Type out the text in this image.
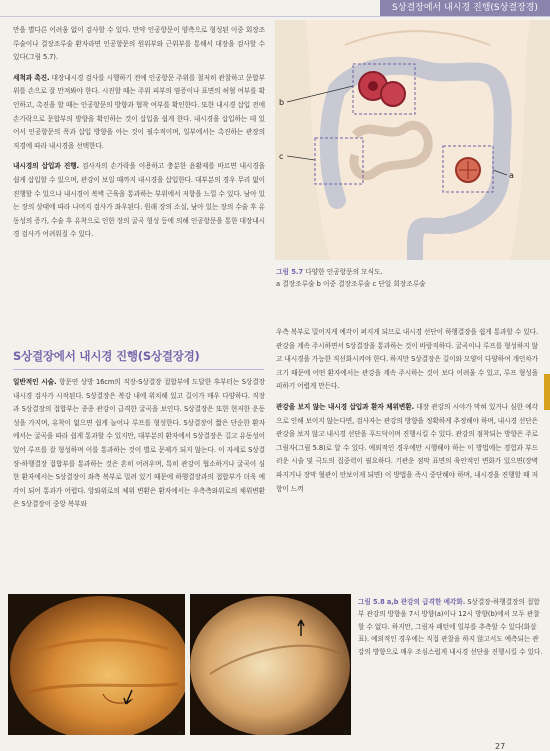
S상결장에서 내시경 진행(S상결장경)

만을 별다른 어려움 없이 검사할 수 있다. 만약 인공항문이 양측으로 형성된 이중 회장조루술이나 결장조루술 환자라면 인공항문의 원위부와 근위부를 통해서 대장을 검사할 수 있다(그림 5.7).

세척과 촉진. 대장내시경 검사를 시행하기 전에 인공항문 주위를 철저히 관찰하고 문합부위를 손으로 잘 만져봐야 한다. 시진할 때는 주위 피부의 염증이나 표면의 허혈 여부를 확인하고, 촉진을 할 때는 인공항문의 방향과 협착 여부를 확인한다. 또한 내시경 삽입 전에 손가락으로 문합부의 방향을 확인하는 것이 삽입을 쉽게 한다. 내시경을 삽입하는 데 있어서 인공항문의 폭과 삽입 방향을 아는 것이 필수적이며, 일부에서는 촉진하는 관장의 직경에 따라 내시경을 선택한다.

내시경의 삽입과 진행. 검사자의 손가락을 이용하고 충분한 윤활제를 바르면 내시경을 쉽게 삽입할 수 있으며, 관강이 보일 때까지 내시경을 삽입한다. 대부분의 경우 무리 없이 진행할 수 있으나 내시경이 복벽 근육을 통과하는 부위에서 저항을 느낄 수 있다. 남아 있는 장의 상태에 따라 나머지 검사가 좌우된다. 원래 장의 소실, 남아 있는 장의 수술 후 유동성의 증가, 수술 후 유착으로 인한 장의 굴곡 형성 등에 의해 인공항문을 통한 대장내시경 검사가 어려워질 수 있다.

S상결장에서 내시경 진행(S상결장경)

일반적인 시술. 항문연 상방 16cm의 직장-S상결장 접합부에 도달한 후부터는 S상결장 내시경 검사가 시작된다. S상결장은 복강 내에 위치해 있고 길이가 매우 다양하다. 직장과 S상결장의 접합부는 종종 관강이 급격한 굴곡을 보인다. S상결장은 또한 현저한 운동성을 가지며, 유착이 없으면 쉽게 늘어나 루프를 형성한다. S상결장이 짧은 단순한 환자에서는 굴곡을 따라 쉽게 통과할 수 있지만, 대부분의 환자에서 S상결장은 길고 유동성이 있어 루프를 잘 형성하며 이를 통과하는 것이 별로 문제가 되지 않는다. 이 자세로 S상결장-하행결장 접합부를 통과하는 것은 흔히 어려우며, 특히 관강이 협소하거나 굴곡이 심한 환자에서는 S상결장이 좌측 복부로 밀려 있기 때문에 하행결장과의 접합부가 더욱 예각이 되어 통과가 어렵다. 앙와위로의 체위 변환은 환자에서는 우측측와위로의 체위변환은 S상결장이 중앙 복부와

b
c
a
그림 5.7 다양한 인공항문의 모식도.
a 결장조루술 b 이중 결장조루술 c 단일 회장조루술

우측 복부로 밀어지게 예각이 펴지게 되므로 내시경 선단이 하행결장을 쉽게 통과할 수 있다. 관강을 계속 주시하면서 S상결장을 통과하는 것이 바람직하다. 굴곡이나 루프를 형성하지 않고 내시경을 가능한 직선화시켜야 한다. 하지만 S상결장은 길이와 모양이 다양하여 개인차가 크기 때문에 어떤 환자에서는 관강을 계속 주시하는 것이 보다 어려울 수 있고, 루프 형성을 피하기 어렵게 만든다.

관강을 보지 않는 내시경 삽입과 환자 체위변환. 대장 관강의 시야가 막혀 있거나 심한 예각으로 인해 보이지 않는다면, 검사자는 관강의 방향을 정확하게 추정해야 하며, 내시경 선단은 관강을 보지 않고 내시경 선단을 푸드덕이며 진행시킬 수 있다. 관강의 점착되는 방향은 주로 그림자(그림 5.8)로 알 수 있다. 예외적인 경우에만 시행해야 하는 이 방법에는 경험과 부드러운 시술 및 극도의 집중력이 필요하다. 기관운 점막 표면의 육안적인 변화가 있으면(장벽파지거나 장막 혈관이 안보이게 되면) 이 방법을 즉시 중단해야 하며, 내시경을 진행할 때 저항이 느껴

a	b
그림 5.8 a,b 관강의 급격한 예각화. S상결장-하행결장의 접합부 관강의 방향을 7시 방향(a)이나 12시 방향(b)에서 모두 관찰할 수 없다. 하지만, 그림자 패턴에 일부를 추측할 수 있다(화살표). 예외적인 경우에는 직접 관찰을 하지 않고서도 예측되는 관강의 방향으로 매우 조심스럽게 내시경 선단을 진행시킬 수 있다.
27
